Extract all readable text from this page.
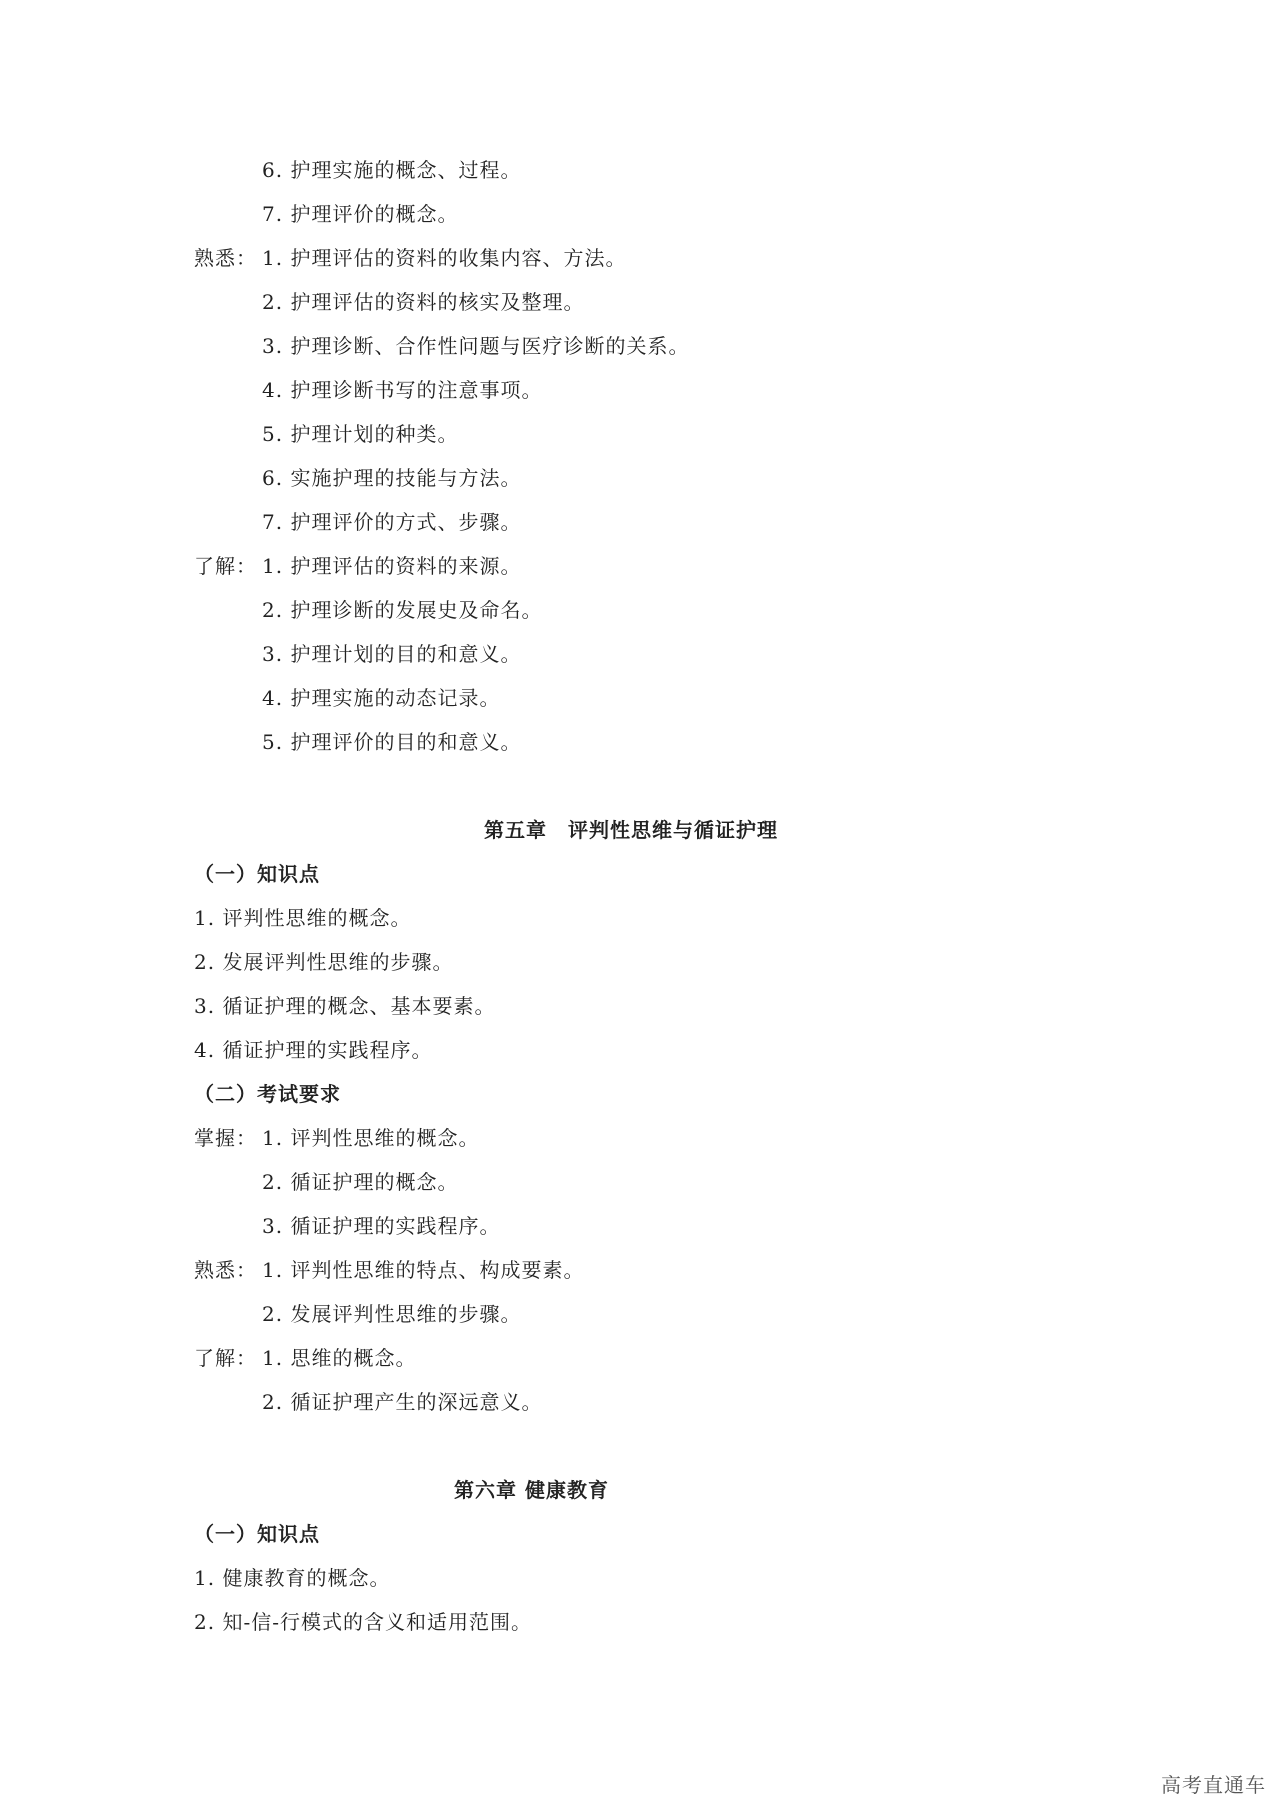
6. 护理实施的概念、过程。
7. 护理评价的概念。
熟悉： 1. 护理评估的资料的收集内容、方法。
2. 护理评估的资料的核实及整理。
3. 护理诊断、合作性问题与医疗诊断的关系。
4. 护理诊断书写的注意事项。
5. 护理计划的种类。
6. 实施护理的技能与方法。
7. 护理评价的方式、步骤。
了解： 1. 护理评估的资料的来源。
2. 护理诊断的发展史及命名。
3. 护理计划的目的和意义。
4. 护理实施的动态记录。
5. 护理评价的目的和意义。
第五章　评判性思维与循证护理
（一）知识点
1. 评判性思维的概念。
2. 发展评判性思维的步骤。
3. 循证护理的概念、基本要素。
4. 循证护理的实践程序。
（二）考试要求
掌握： 1. 评判性思维的概念。
2. 循证护理的概念。
3. 循证护理的实践程序。
熟悉： 1. 评判性思维的特点、构成要素。
2. 发展评判性思维的步骤。
了解： 1. 思维的概念。
2. 循证护理产生的深远意义。
第六章 健康教育
（一）知识点
1. 健康教育的概念。
2. 知-信-行模式的含义和适用范围。
高考直通车
